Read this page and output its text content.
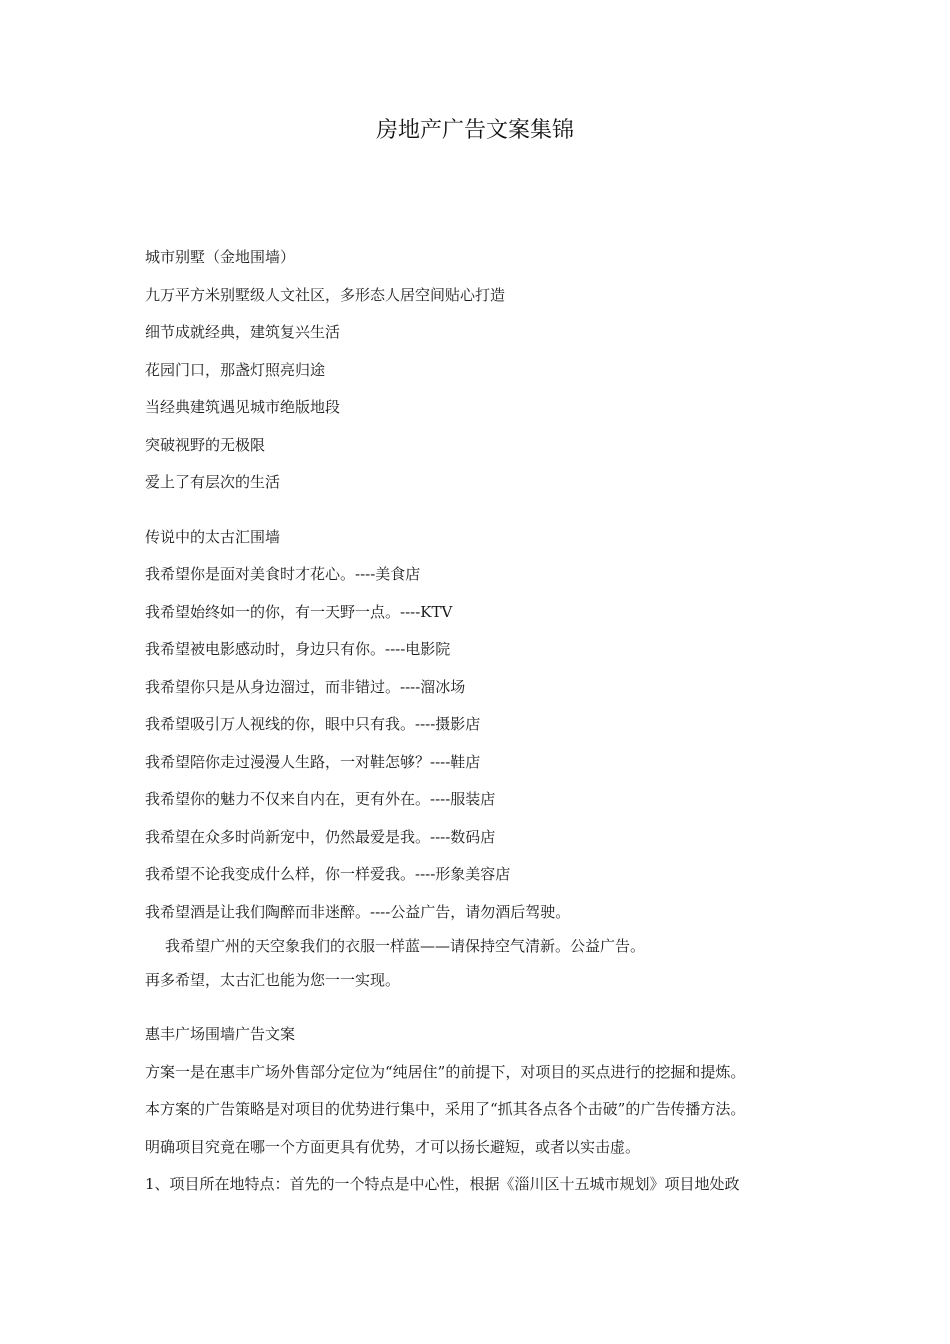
房地产广告文案集锦
城市别墅（金地围墙）

九万平方米别墅级人文社区，多形态人居空间贴心打造

细节成就经典，建筑复兴生活

花园门口，那盏灯照亮归途

当经典建筑遇见城市绝版地段

突破视野的无极限

爱上了有层次的生活

传说中的太古汇围墙

我希望你是面对美食时才花心。----美食店

我希望始终如一的你，有一天野一点。----KTV

我希望被电影感动时，身边只有你。----电影院

我希望你只是从身边溜过，而非错过。----溜冰场

我希望吸引万人视线的你，眼中只有我。----摄影店

我希望陪你走过漫漫人生路，一对鞋怎够？----鞋店

我希望你的魅力不仅来自内在，更有外在。----服装店

我希望在众多时尚新宠中，仍然最爱是我。----数码店

我希望不论我变成什么样，你一样爱我。----形象美容店

我希望酒是让我们陶醉而非迷醉。----公益广告，请勿酒后驾驶。

我希望广州的天空象我们的衣服一样蓝——请保持空气清新。公益广告。

再多希望，太古汇也能为您一一实现。

惠丰广场围墙广告文案

方案一是在惠丰广场外售部分定位为“纯居住”的前提下，对项目的买点进行的挖掘和提炼。

本方案的广告策略是对项目的优势进行集中，采用了“抓其各点各个击破”的广告传播方法。

明确项目究竟在哪一个方面更具有优势，才可以扬长避短，或者以实击虚。

1、项目所在地特点：首先的一个特点是中心性，根据《淄川区十五城市规划》项目地处政
